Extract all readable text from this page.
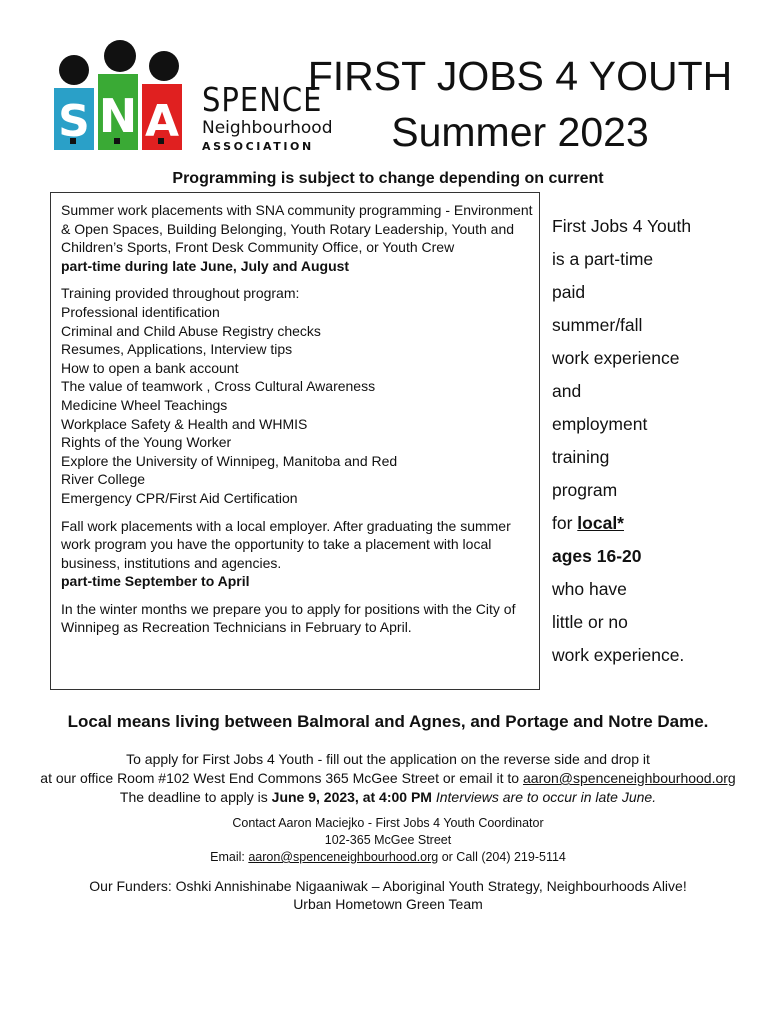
S N A SPENCE
Neighbourhood
ASSOCIATION
FIRST JOBS 4 YOUTH
Summer 2023
Programming is subject to change depending on current

Summer work placements with SNA community programming - Environment & Open Spaces, Building Belonging, Youth Rotary Leadership, Youth and Children’s Sports, Front Desk Community Office, or Youth Crew
part-time during late June, July and August

Training provided throughout program:
Professional identification
Criminal and Child Abuse Registry checks
Resumes, Applications, Interview tips
How to open a bank account
The value of teamwork , Cross Cultural Awareness
Medicine Wheel Teachings
Workplace Safety & Health and WHMIS
Rights of the Young Worker
Explore the University of Winnipeg, Manitoba and Red River College
Emergency CPR/First Aid Certification

Fall work placements with a local employer. After graduating the summer work program you have the opportunity to take a placement with local business, institutions and agencies.
part-time September to April

In the winter months we prepare you to apply for positions with the City of Winnipeg as Recreation Technicians in February to April.

First Jobs 4 Youth
is a part-time
paid
summer/fall
work experience
and
employment
training
program
for local*
ages 16-20
who have
little or no
work experience.
Local means living between Balmoral and Agnes, and Portage and Notre Dame.
To apply for First Jobs 4 Youth - fill out the application on the reverse side and drop it
at our office Room #102 West End Commons 365 McGee Street or email it to aaron@spenceneighbourhood.org
The deadline to apply is June 9, 2023, at 4:00 PM Interviews are to occur in late June.
Contact Aaron Maciejko - First Jobs 4 Youth Coordinator
102-365 McGee Street
Email: aaron@spenceneighbourhood.org or Call (204) 219-5114
Our Funders: Oshki Annishinabe Nigaaniwak – Aboriginal Youth Strategy, Neighbourhoods Alive!
Urban Hometown Green Team
